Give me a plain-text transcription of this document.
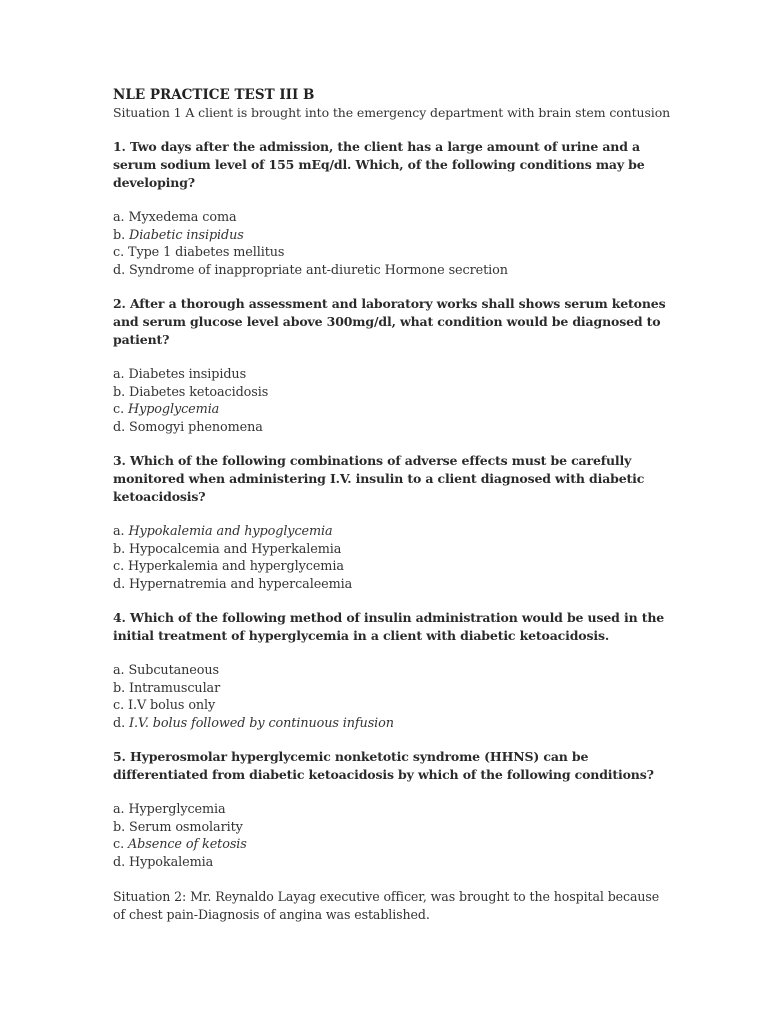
NLE PRACTICE TEST III B

Situation 1 A client is brought into the emergency department with brain stem contusion

1. Two days after the admission, the client has a large amount of urine and a serum sodium level of 155 mEq/dl. Which, of the following conditions may be developing?

a. Myxedema coma
b. Diabetic insipidus
c. Type 1 diabetes mellitus
d. Syndrome of inappropriate ant-diuretic Hormone secretion

2. After a thorough assessment and laboratory works shall shows serum ketones and serum glucose level above 300mg/dl, what condition would be diagnosed to patient?

a. Diabetes insipidus
b. Diabetes ketoacidosis
c. Hypoglycemia
d. Somogyi phenomena

3. Which of the following combinations of adverse effects must be carefully monitored when administering I.V. insulin to a client diagnosed with diabetic ketoacidosis?

a. Hypokalemia and hypoglycemia
b. Hypocalcemia and Hyperkalemia
c. Hyperkalemia and hyperglycemia
d. Hypernatremia and hypercaleemia

4. Which of the following method of insulin administration would be used in the initial treatment of hyperglycemia in a client with diabetic ketoacidosis.

a. Subcutaneous
b. Intramuscular
c. I.V bolus only
d. I.V. bolus followed by continuous infusion

5. Hyperosmolar hyperglycemic nonketotic syndrome (HHNS) can be differentiated from diabetic ketoacidosis by which of the following conditions?

a. Hyperglycemia
b. Serum osmolarity
c. Absence of ketosis
d. Hypokalemia

Situation 2: Mr. Reynaldo Layag executive officer, was brought to the hospital because of chest pain-Diagnosis of angina was established.
